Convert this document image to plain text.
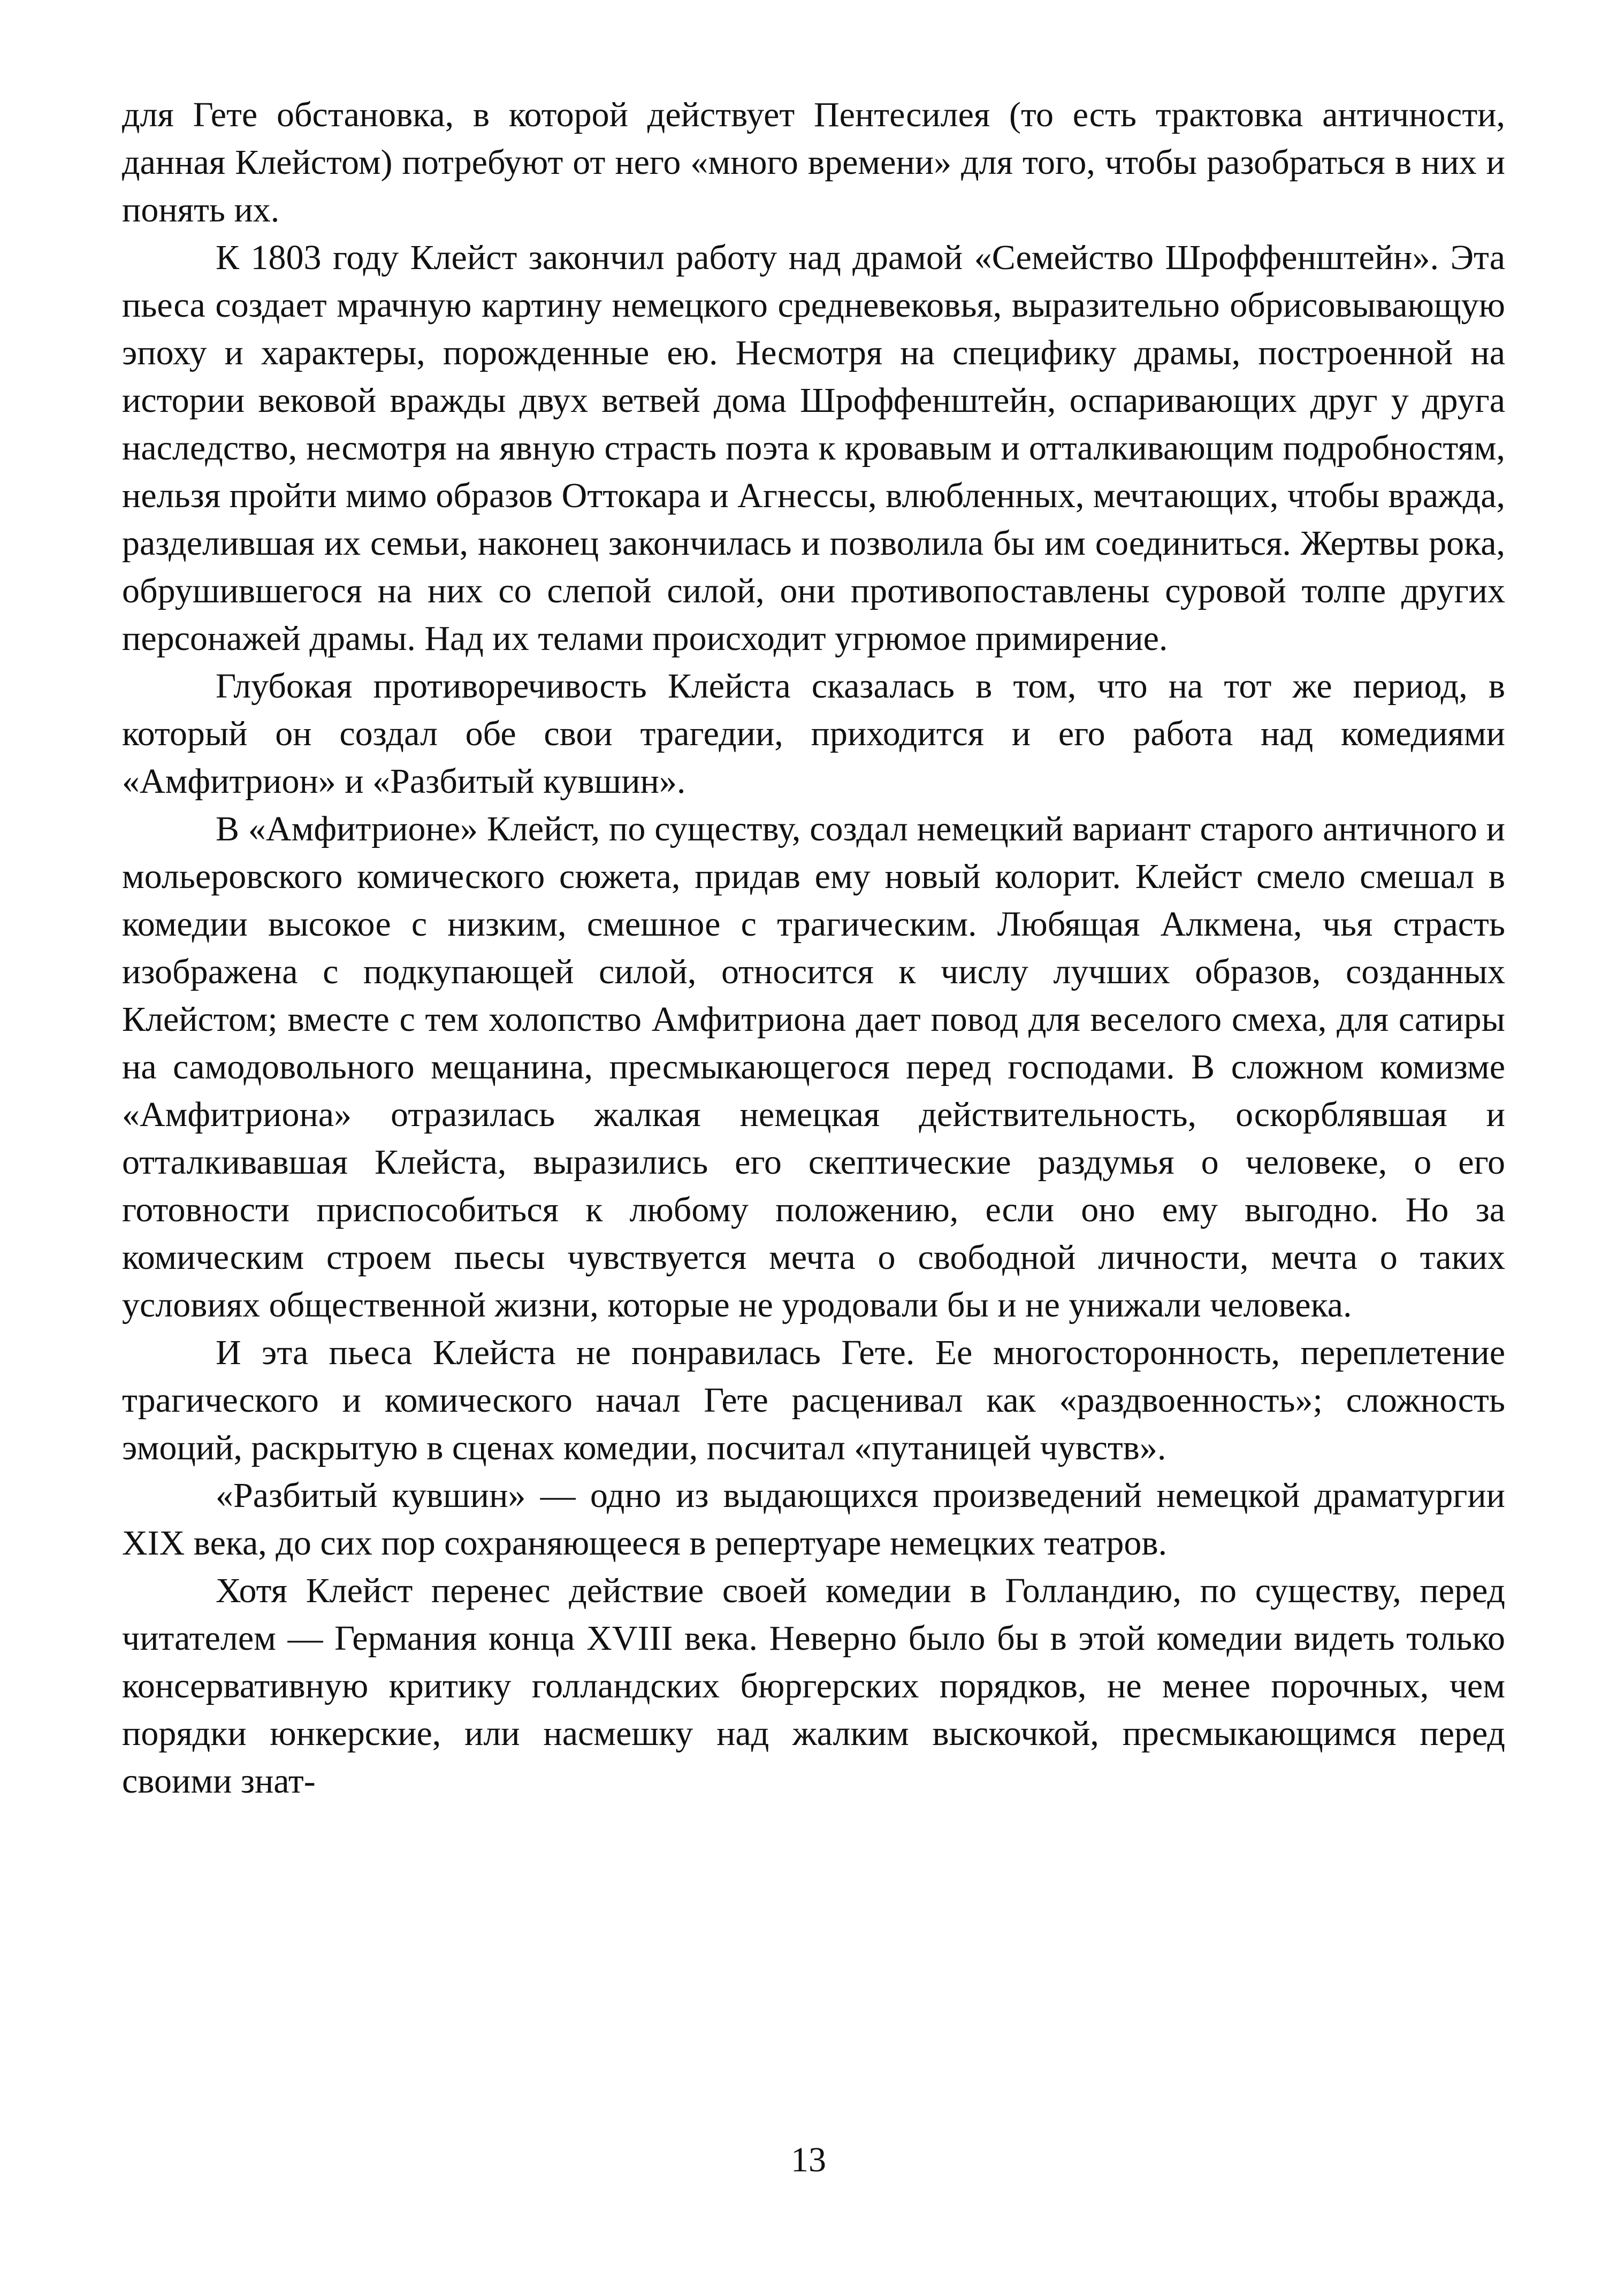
для Гете обстановка, в которой действует Пентесилея (то есть трактовка античности, данная Клейстом) потребуют от него «много времени» для того, чтобы разобраться в них и понять их.

К 1803 году Клейст закончил работу над драмой «Семейство Шроффенштейн». Эта пьеса создает мрачную картину немецкого средневековья, выразительно обрисовывающую эпоху и характеры, порожденные ею. Несмотря на специфику драмы, построенной на истории вековой вражды двух ветвей дома Шроффенштейн, оспаривающих друг у друга наследство, несмотря на явную страсть поэта к кровавым и отталкивающим подробностям, нельзя пройти мимо образов Оттокара и Агнессы, влюбленных, мечтающих, чтобы вражда, разделившая их семьи, наконец закончилась и позволила бы им соединиться. Жертвы рока, обрушившегося на них со слепой силой, они противопоставлены суровой толпе других персонажей драмы. Над их телами происходит угрюмое примирение.

Глубокая противоречивость Клейста сказалась в том, что на тот же период, в который он создал обе свои трагедии, приходится и его работа над комедиями «Амфитрион» и «Разбитый кувшин».

В «Амфитрионе» Клейст, по существу, создал немецкий вариант старого античного и мольеровского комического сюжета, придав ему новый колорит. Клейст смело смешал в комедии высокое с низким, смешное с трагическим. Любящая Алкмена, чья страсть изображена с подкупающей силой, относится к числу лучших образов, созданных Клейстом; вместе с тем холопство Амфитриона дает повод для веселого смеха, для сатиры на самодовольного мещанина, пресмыкающегося перед господами. В сложном комизме «Амфитриона» отразилась жалкая немецкая действительность, оскорблявшая и отталкивавшая Клейста, выразились его скептические раздумья о человеке, о его готовности приспособиться к любому положению, если оно ему выгодно. Но за комическим строем пьесы чувствуется мечта о свободной личности, мечта о таких условиях общественной жизни, которые не уродовали бы и не унижали человека.

И эта пьеса Клейста не понравилась Гете. Ее многосторонность, переплетение трагического и комического начал Гете расценивал как «раздвоенность»; сложность эмоций, раскрытую в сценах комедии, посчитал «путаницей чувств».

«Разбитый кувшин» — одно из выдающихся произведений немецкой драматургии XIX века, до сих пор сохраняющееся в репертуаре немецких театров.

Хотя Клейст перенес действие своей комедии в Голландию, по существу, перед читателем — Германия конца XVIII века. Неверно было бы в этой комедии видеть только консервативную критику голландских бюргерских порядков, не менее порочных, чем порядки юнкерские, или насмешку над жалким выскочкой, пресмыкающимся перед своими знат-

13
